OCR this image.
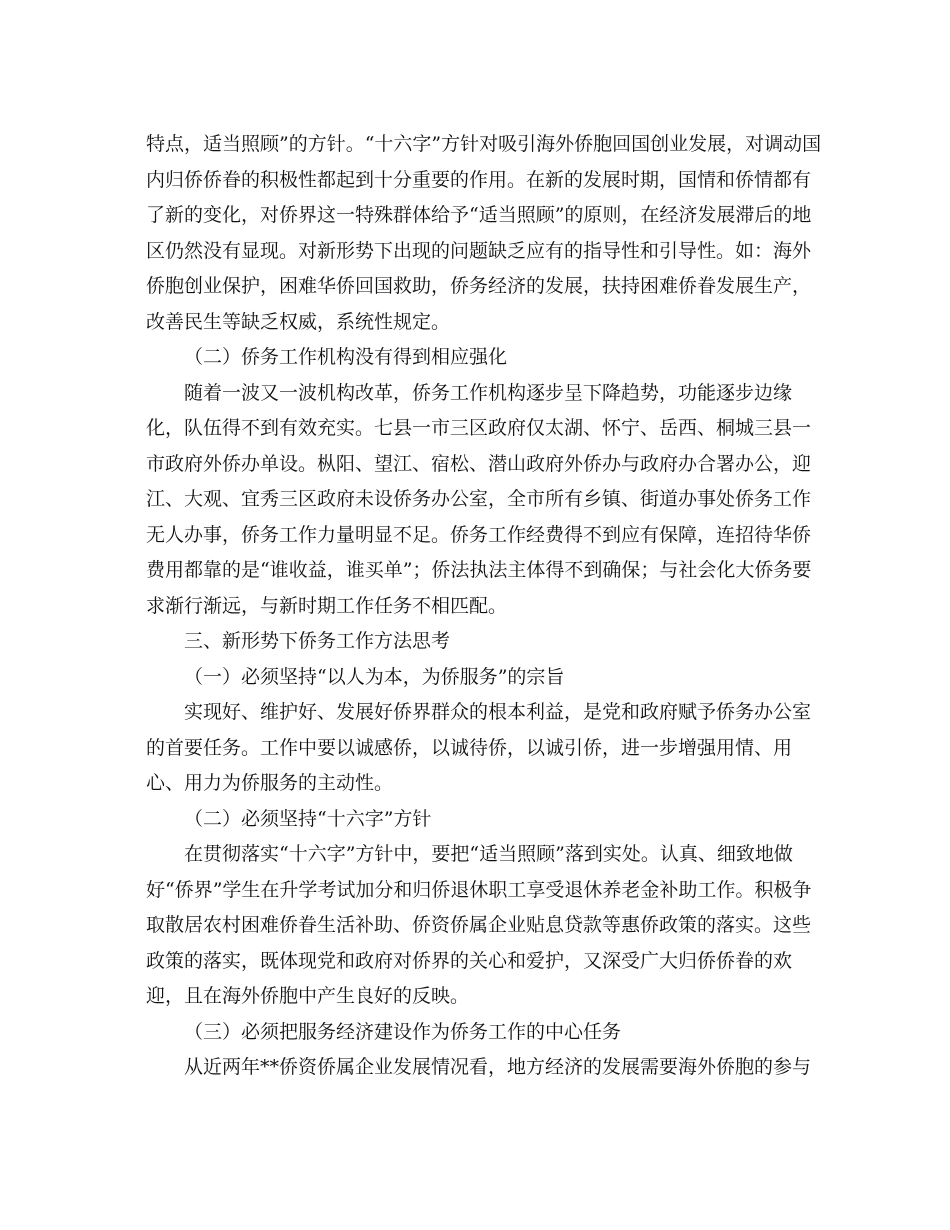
特点，适当照顾”的方针。“十六字”方针对吸引海外侨胞回国创业发展，对调动国
内归侨侨眷的积极性都起到十分重要的作用。在新的发展时期，国情和侨情都有
了新的变化，对侨界这一特殊群体给予“适当照顾”的原则，在经济发展滞后的地
区仍然没有显现。对新形势下出现的问题缺乏应有的指导性和引导性。如：海外
侨胞创业保护，困难华侨回国救助，侨务经济的发展，扶持困难侨眷发展生产，
改善民生等缺乏权威，系统性规定。
（二）侨务工作机构没有得到相应强化
随着一波又一波机构改革，侨务工作机构逐步呈下降趋势，功能逐步边缘
化，队伍得不到有效充实。七县一市三区政府仅太湖、怀宁、岳西、桐城三县一
市政府外侨办单设。枞阳、望江、宿松、潜山政府外侨办与政府办合署办公，迎
江、大观、宜秀三区政府未设侨务办公室，全市所有乡镇、街道办事处侨务工作
无人办事，侨务工作力量明显不足。侨务工作经费得不到应有保障，连招待华侨
费用都靠的是“谁收益，谁买单”；侨法执法主体得不到确保；与社会化大侨务要
求渐行渐远，与新时期工作任务不相匹配。
三、新形势下侨务工作方法思考
（一）必须坚持“以人为本，为侨服务”的宗旨
实现好、维护好、发展好侨界群众的根本利益，是党和政府赋予侨务办公室
的首要任务。工作中要以诚感侨，以诚待侨，以诚引侨，进一步增强用情、用
心、用力为侨服务的主动性。
（二）必须坚持“十六字”方针
在贯彻落实“十六字”方针中，要把“适当照顾”落到实处。认真、细致地做
好“侨界”学生在升学考试加分和归侨退休职工享受退休养老金补助工作。积极争
取散居农村困难侨眷生活补助、侨资侨属企业贴息贷款等惠侨政策的落实。这些
政策的落实，既体现党和政府对侨界的关心和爱护，又深受广大归侨侨眷的欢
迎，且在海外侨胞中产生良好的反映。
（三）必须把服务经济建设作为侨务工作的中心任务
从近两年**侨资侨属企业发展情况看，地方经济的发展需要海外侨胞的参与
